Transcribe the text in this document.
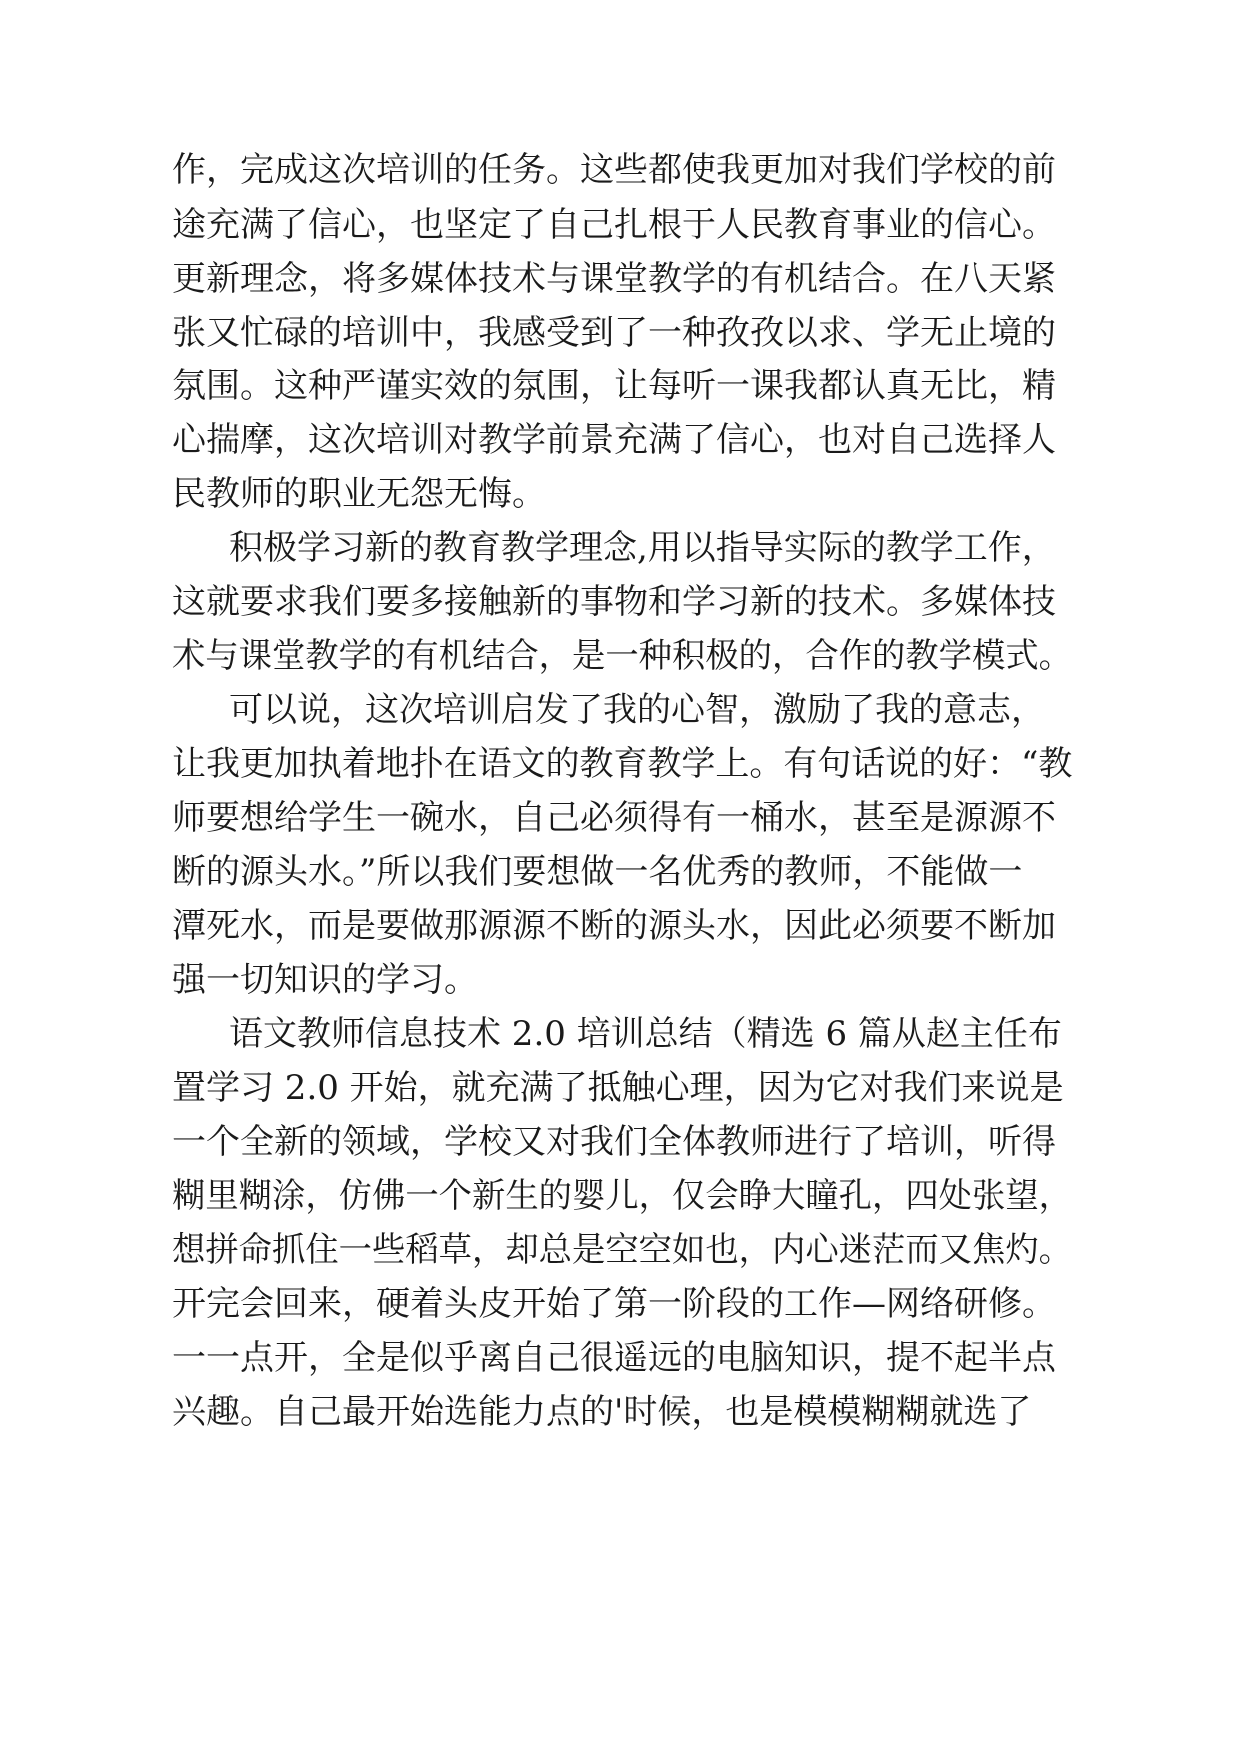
作，完成这次培训的任务。这些都使我更加对我们学校的前
途充满了信心，也坚定了自己扎根于人民教育事业的信心。
更新理念，将多媒体技术与课堂教学的有机结合。在八天紧
张又忙碌的培训中，我感受到了一种孜孜以求、学无止境的
氛围。这种严谨实效的氛围，让每听一课我都认真无比，精
心揣摩，这次培训对教学前景充满了信心，也对自己选择人
民教师的职业无怨无悔。
积极学习新的教育教学理念,用以指导实际的教学工作，
这就要求我们要多接触新的事物和学习新的技术。多媒体技
术与课堂教学的有机结合，是一种积极的，合作的教学模式。
可以说，这次培训启发了我的心智，激励了我的意志，
让我更加执着地扑在语文的教育教学上。有句话说的好：“教
师要想给学生一碗水，自己必须得有一桶水，甚至是源源不
断的源头水。”所以我们要想做一名优秀的教师，不能做一
潭死水，而是要做那源源不断的源头水，因此必须要不断加
强一切知识的学习。
语文教师信息技术 2.0 培训总结（精选 6 篇从赵主任布
置学习 2.0 开始，就充满了抵触心理，因为它对我们来说是
一个全新的领域，学校又对我们全体教师进行了培训，听得
糊里糊涂，仿佛一个新生的婴儿，仅会睁大瞳孔，四处张望，
想拼命抓住一些稻草，却总是空空如也，内心迷茫而又焦灼。
开完会回来，硬着头皮开始了第一阶段的工作—网络研修。
一一点开，全是似乎离自己很遥远的电脑知识，提不起半点
兴趣。自己最开始选能力点的'时候，也是模模糊糊就选了
